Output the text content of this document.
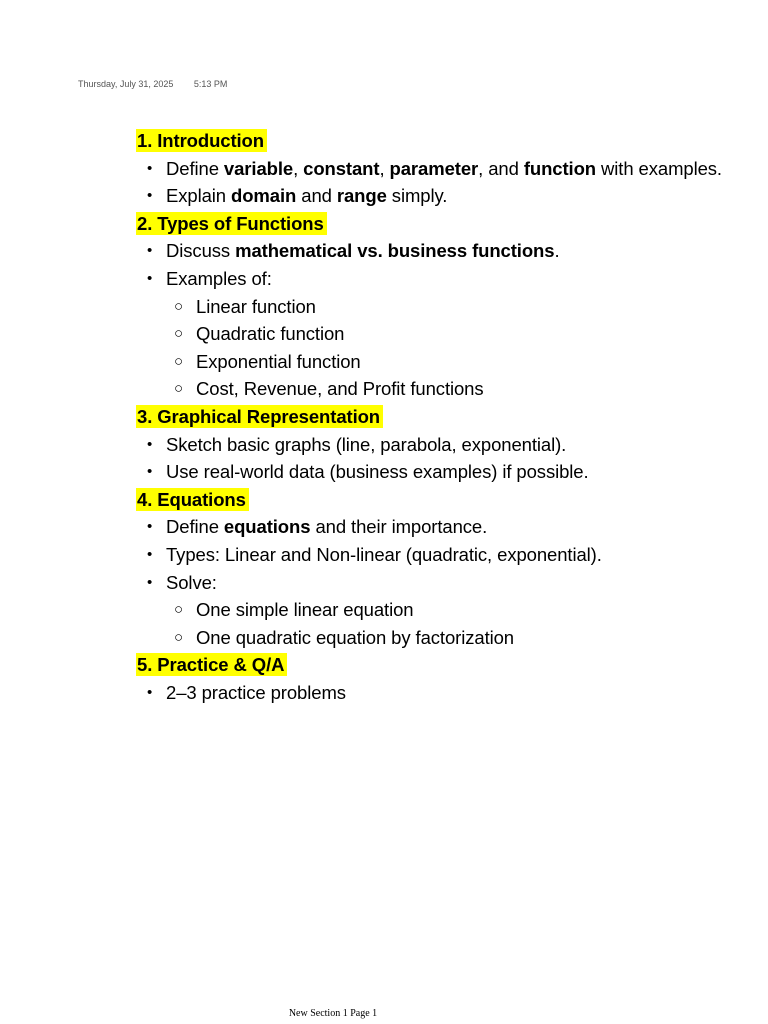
Thursday, July 31, 2025 5:13 PM
1. Introduction
• Define variable, constant, parameter, and function with examples.
• Explain domain and range simply.
2. Types of Functions
• Discuss mathematical vs. business functions.
• Examples of:
○ Linear function
○ Quadratic function
○ Exponential function
○ Cost, Revenue, and Profit functions
3. Graphical Representation
• Sketch basic graphs (line, parabola, exponential).
• Use real-world data (business examples) if possible.
4. Equations
• Define equations and their importance.
• Types: Linear and Non-linear (quadratic, exponential).
• Solve:
○ One simple linear equation
○ One quadratic equation by factorization
5. Practice & Q/A
• 2–3 practice problems
New Section 1 Page 1
